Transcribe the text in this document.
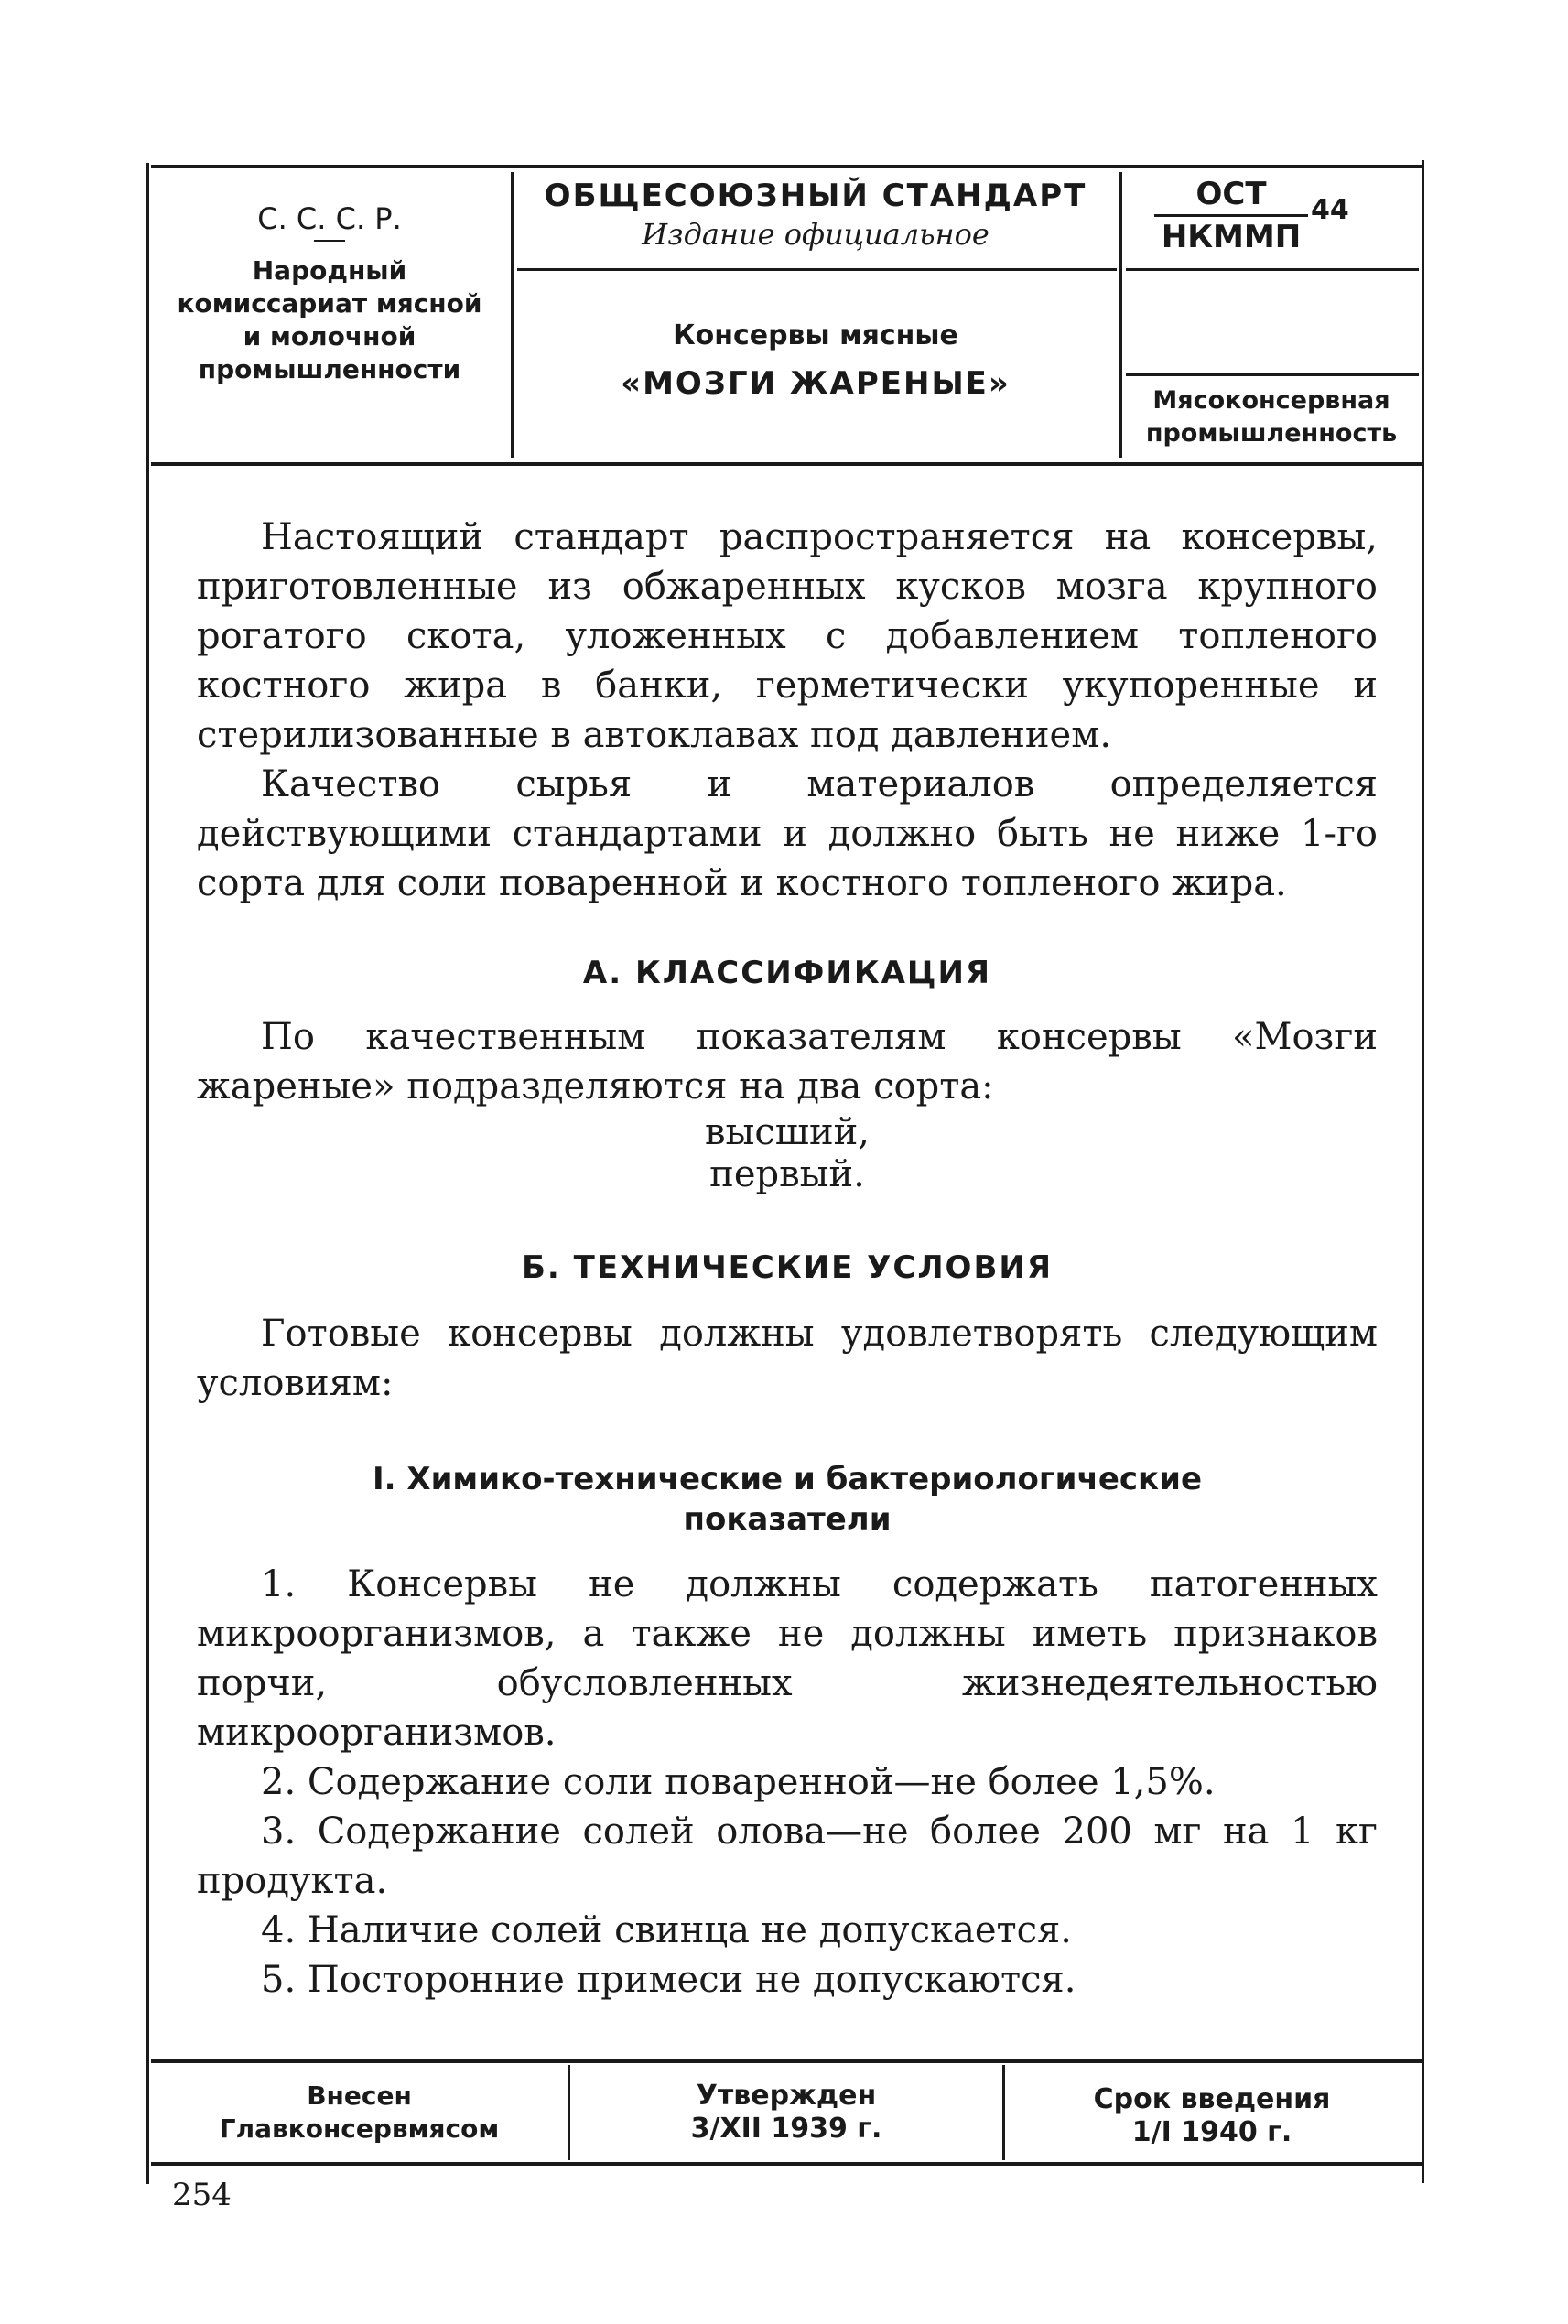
С. С. С. Р.
Народный
комиссариат мясной
и молочной
промышленности
ОБЩЕСОЮЗНЫЙ СТАНДАРТ
Издание официальное
Консервы мясные
«МОЗГИ ЖАРЕНЫЕ»
ОСТ
НКММП
44
Мясоконсервная
промышленность

Настоящий стандарт распространяется на консервы, приготовленные из обжаренных кусков мозга крупного рогатого скота, уложенных с добавлением топленого костного жира в банки, герметически укупоренные и стерилизованные в автоклавах под давлением.

Качество сырья и материалов определяется действующими стандартами и должно быть не ниже 1-го сорта для соли поваренной и костного топленого жира.

А. КЛАССИФИКАЦИЯ

По качественным показателям консервы «Мозги жареные» подразделяются на два сорта:

высший,
первый.
Б. ТЕХНИЧЕСКИЕ УСЛОВИЯ

Готовые консервы должны удовлетворять следующим условиям:

I. Химико-технические и бактериологические
показатели

1. Консервы не должны содержать патогенных микроорганизмов, а также не должны иметь признаков порчи, обусловленных жизнедеятельностью микроорганизмов.

2. Содержание соли поваренной—не более 1,5%.

3. Содержание солей олова—не более 200 мг на 1 кг продукта.

4. Наличие солей свинца не допускается.

5. Посторонние примеси не допускаются.

Внесен
Главконсервмясом
Утвержден
3/XII 1939 г.
Срок введения
1/I 1940 г.
254
